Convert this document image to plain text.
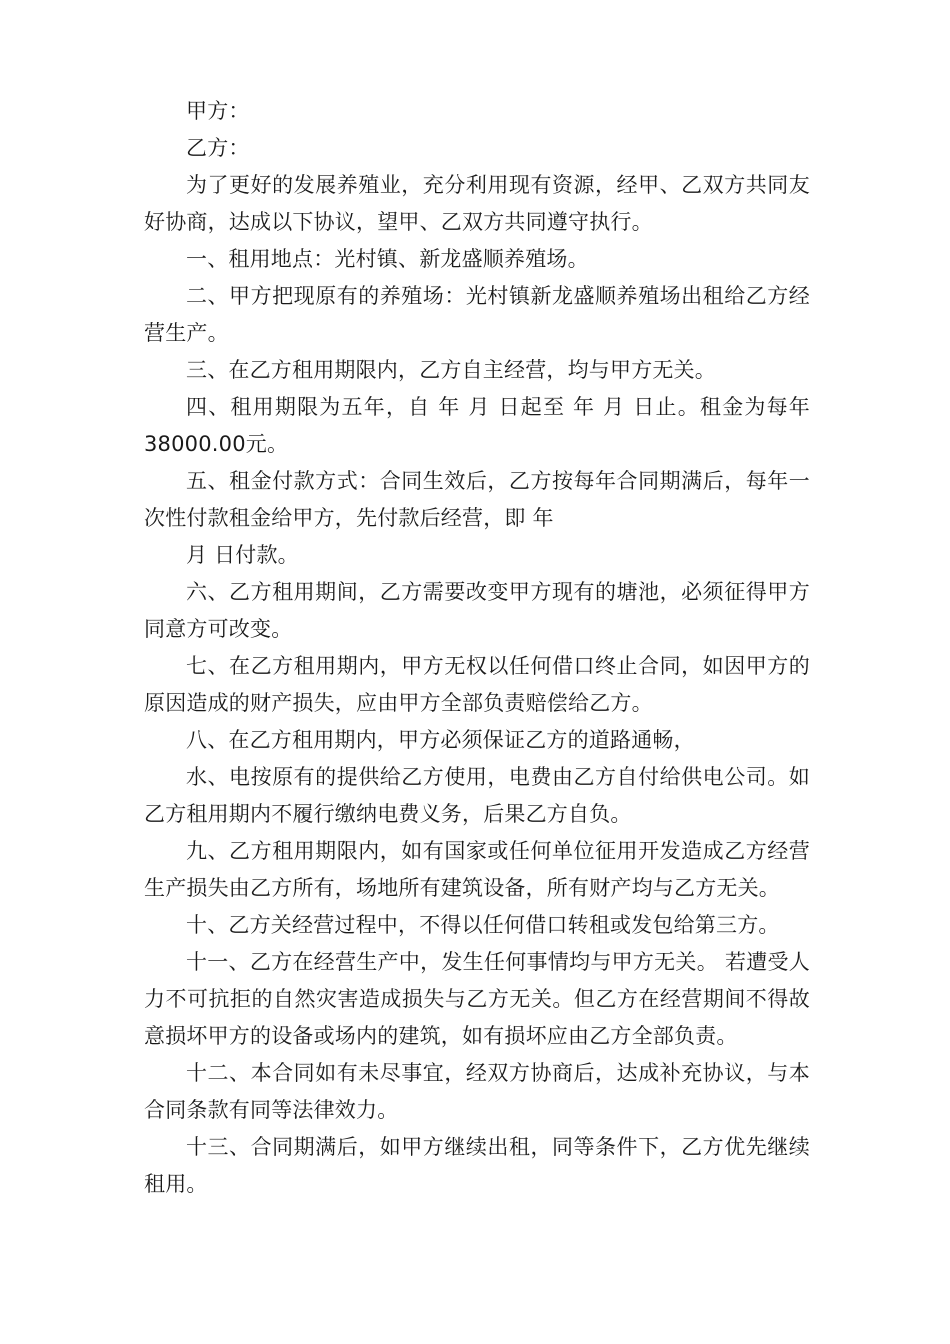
甲方：

乙方：

为了更好的发展养殖业，充分利用现有资源，经甲、乙双方共同友好协商，达成以下协议，望甲、乙双方共同遵守执行。

一、租用地点：光村镇、新龙盛顺养殖场。

二、甲方把现原有的养殖场：光村镇新龙盛顺养殖场出租给乙方经营生产。

三、在乙方租用期限内，乙方自主经营，均与甲方无关。

四、租用期限为五年，自 年 月 日起至 年 月 日止。租金为每年38000.00元。

五、租金付款方式：合同生效后，乙方按每年合同期满后，每年一次性付款租金给甲方，先付款后经营，即 年

月 日付款。

六、乙方租用期间，乙方需要改变甲方现有的塘池，必须征得甲方同意方可改变。

七、在乙方租用期内，甲方无权以任何借口终止合同，如因甲方的原因造成的财产损失，应由甲方全部负责赔偿给乙方。

八、在乙方租用期内，甲方必须保证乙方的道路通畅，

水、电按原有的提供给乙方使用，电费由乙方自付给供电公司。如乙方租用期内不履行缴纳电费义务，后果乙方自负。

九、乙方租用期限内，如有国家或任何单位征用开发造成乙方经营生产损失由乙方所有，场地所有建筑设备，所有财产均与乙方无关。

十、乙方关经营过程中，不得以任何借口转租或发包给第三方。

十一、乙方在经营生产中，发生任何事情均与甲方无关。 若遭受人力不可抗拒的自然灾害造成损失与乙方无关。但乙方在经营期间不得故意损坏甲方的设备或场内的建筑，如有损坏应由乙方全部负责。

十二、本合同如有未尽事宜，经双方协商后，达成补充协议，与本合同条款有同等法律效力。

十三、合同期满后，如甲方继续出租，同等条件下，乙方优先继续租用。
